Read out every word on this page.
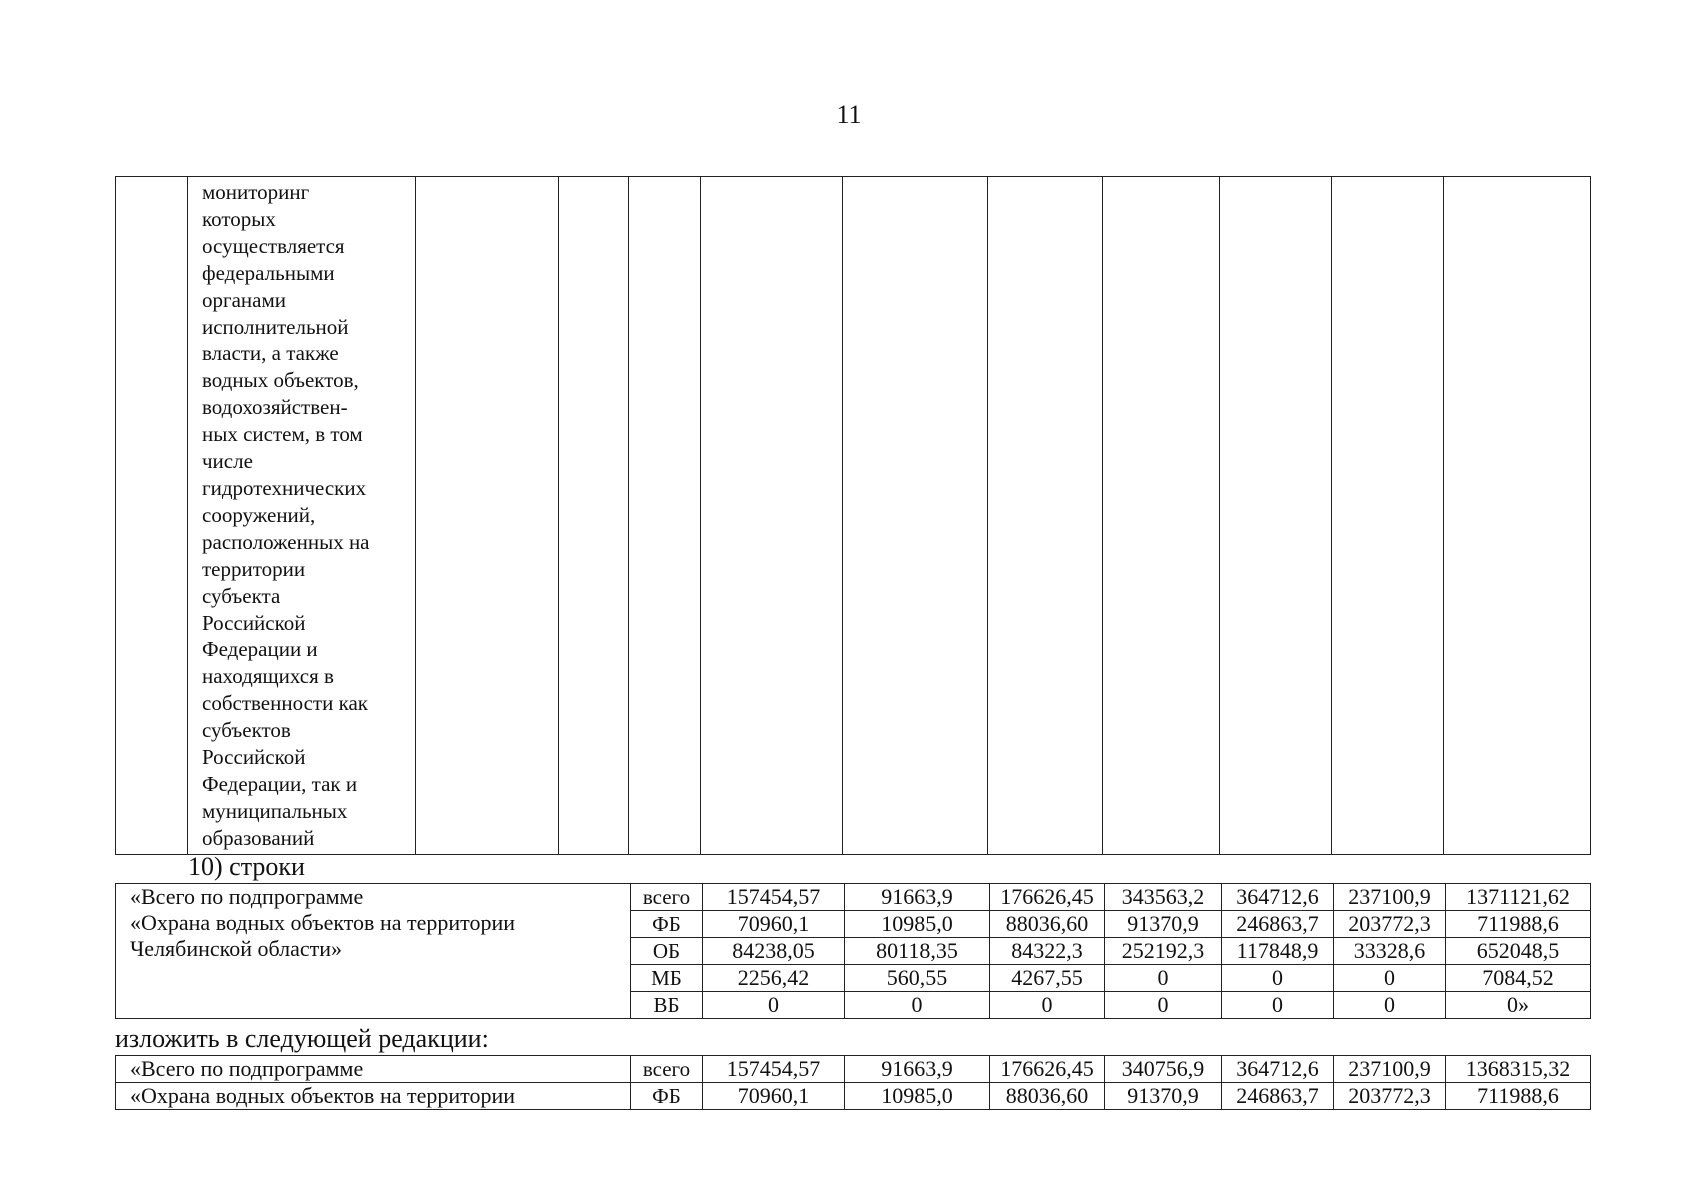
11
	мониторинг
которых
осуществляется
федеральными
органами
исполнительной
власти, а также
водных объектов,
водохозяйствен-
ных систем, в том
числе
гидротехнических
сооружений,
расположенных на
территории
субъекта
Российской
Федерации и
находящихся в
собственности как
субъектов
Российской
Федерации, так и
муниципальных
образований										
10) строки
«Всего по подпрограмме
«Охрана водных объектов на территории
Челябинской области»	всего	157454,57	91663,9	176626,45	343563,2	364712,6	237100,9	1371121,62
	ФБ	70960,1	10985,0	88036,60	91370,9	246863,7	203772,3	711988,6
	ОБ	84238,05	80118,35	84322,3	252192,3	117848,9	33328,6	652048,5
	МБ	2256,42	560,55	4267,55	0	0	0	7084,52
	ВБ	0	0	0	0	0	0	0»
изложить в следующей редакции:
«Всего по подпрограмме	всего	157454,57	91663,9	176626,45	340756,9	364712,6	237100,9	1368315,32
«Охрана водных объектов на территории	ФБ	70960,1	10985,0	88036,60	91370,9	246863,7	203772,3	711988,6
